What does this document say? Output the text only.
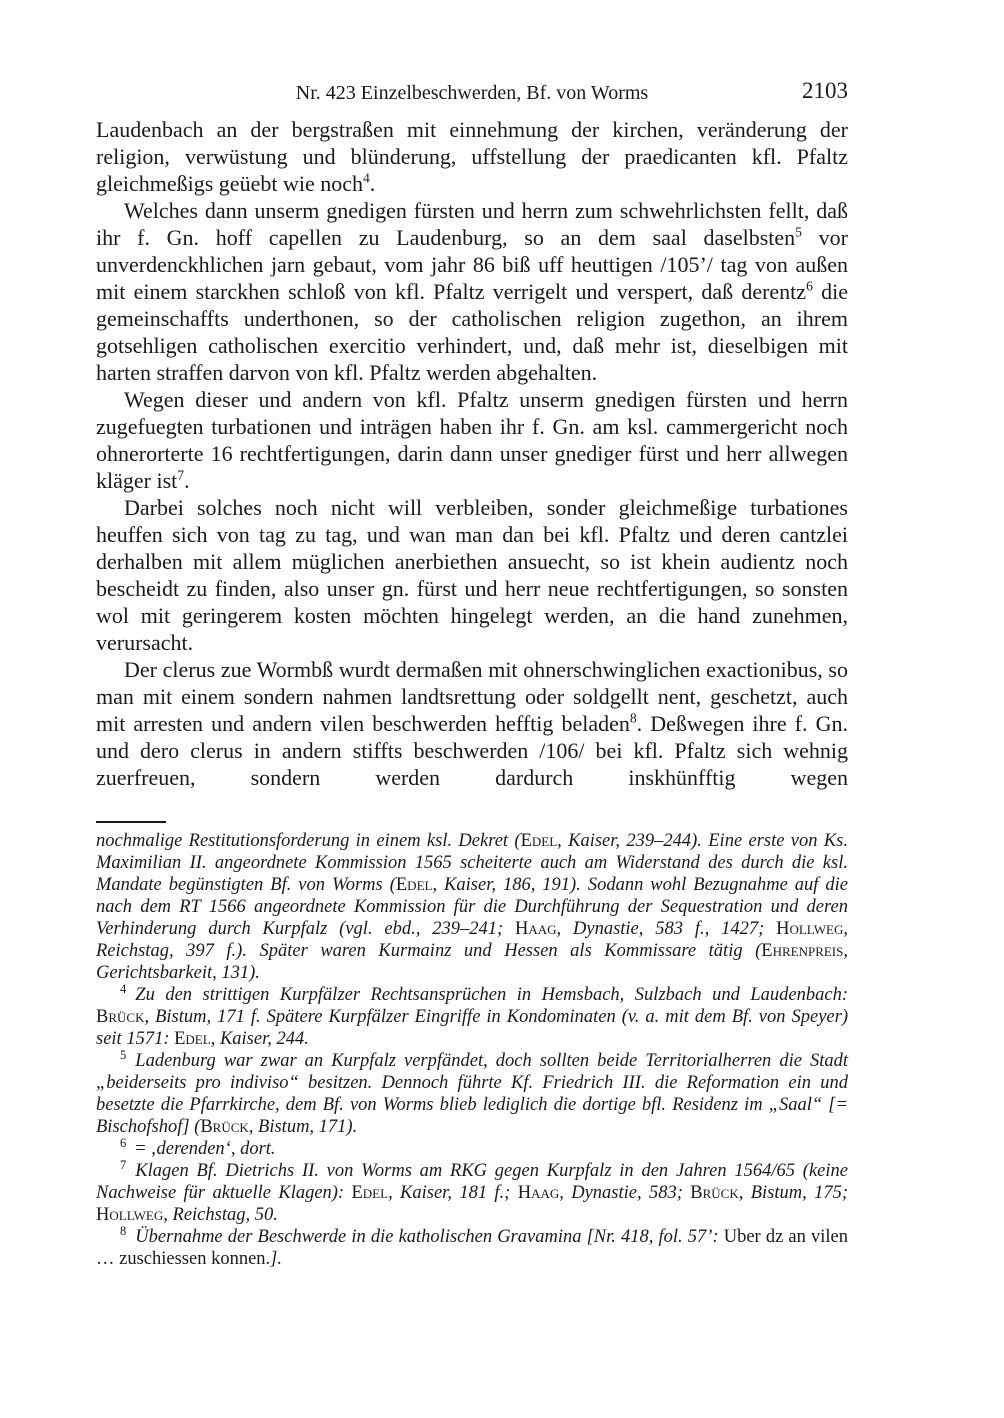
Nr. 423 Einzelbeschwerden, Bf. von Worms	2103

Laudenbach an der bergstraßen mit einnehmung der kirchen, veränderung der religion, verwüstung und blünderung, uffstellung der praedicanten kfl. Pfaltz gleichmeßigs geüebt wie noch$^4$.

Welches dann unserm gnedigen fürsten und herrn zum schwehrlichsten fellt, daß ihr f. Gn. hoff capellen zu Laudenburg, so an dem saal daselbsten$^5$ vor unverdenckhlichen jarn gebaut, vom jahr 86 biß uff heuttigen /105’/ tag von außen mit einem starckhen schloß von kfl. Pfaltz verrigelt und verspert, daß derentz$^6$ die gemeinschaffts underthonen, so der catholischen religion zugethon, an ihrem gotsehligen catholischen exercitio verhindert, und, daß mehr ist, dieselbigen mit harten straffen darvon von kfl. Pfaltz werden abgehalten.

Wegen dieser und andern von kfl. Pfaltz unserm gnedigen fürsten und herrn zugefuegten turbationen und inträgen haben ihr f. Gn. am ksl. cammergericht noch ohnerorterte 16 rechtfertigungen, darin dann unser gnediger fürst und herr allwegen kläger ist$^7$.

Darbei solches noch nicht will verbleiben, sonder gleichmeßige turbationes heuffen sich von tag zu tag, und wan man dan bei kfl. Pfaltz und deren cantzlei derhalben mit allem müglichen anerbiethen ansuecht, so ist khein audientz noch bescheidt zu finden, also unser gn. fürst und herr neue rechtfertigungen, so sonsten wol mit geringerem kosten möchten hingelegt werden, an die hand zunehmen, verursacht.

Der clerus zue Wormbß wurdt dermaßen mit ohnerschwinglichen exactionibus, so man mit einem sondern nahmen landtsrettung oder soldgellt nent, geschetzt, auch mit arresten und andern vilen beschwerden hefftig beladen$^8$. Deßwegen ihre f. Gn. und dero clerus in andern stiffts beschwerden /106/ bei kfl. Pfaltz sich wehnig zuerfreuen, sondern werden dardurch inskhünfftig wegen

nochmalige Restitutionsforderung in einem ksl. Dekret (Edel, Kaiser, 239–244). Eine erste von Ks. Maximilian II. angeordnete Kommission 1565 scheiterte auch am Widerstand des durch die ksl. Mandate begünstigten Bf. von Worms (Edel, Kaiser, 186, 191). Sodann wohl Bezugnahme auf die nach dem RT 1566 angeordnete Kommission für die Durchführung der Sequestration und deren Verhinderung durch Kurpfalz (vgl. ebd., 239–241; Haag, Dynastie, 583 f., 1427; Hollweg, Reichstag, 397 f.). Später waren Kurmainz und Hessen als Kommissare tätig (Ehrenpreis, Gerichtsbarkeit, 131).

$^4$ Zu den strittigen Kurpfälzer Rechtsansprüchen in Hemsbach, Sulzbach und Laudenbach: Brück, Bistum, 171 f. Spätere Kurpfälzer Eingriffe in Kondominaten (v. a. mit dem Bf. von Speyer) seit 1571: Edel, Kaiser, 244.

$^5$ Ladenburg war zwar an Kurpfalz verpfändet, doch sollten beide Territorialherren die Stadt „beiderseits pro indiviso“ besitzen. Dennoch führte Kf. Friedrich III. die Reformation ein und besetzte die Pfarrkirche, dem Bf. von Worms blieb lediglich die dortige bfl. Residenz im „Saal“ [= Bischofshof] (Brück, Bistum, 171).

$^6$ = ‚derenden‘, dort.

$^7$ Klagen Bf. Dietrichs II. von Worms am RKG gegen Kurpfalz in den Jahren 1564/65 (keine Nachweise für aktuelle Klagen): Edel, Kaiser, 181 f.; Haag, Dynastie, 583; Brück, Bistum, 175; Hollweg, Reichstag, 50.

$^8$ Übernahme der Beschwerde in die katholischen Gravamina [Nr. 418, fol. 57’: Uber dz an vilen … zuschiessen konnen.].
